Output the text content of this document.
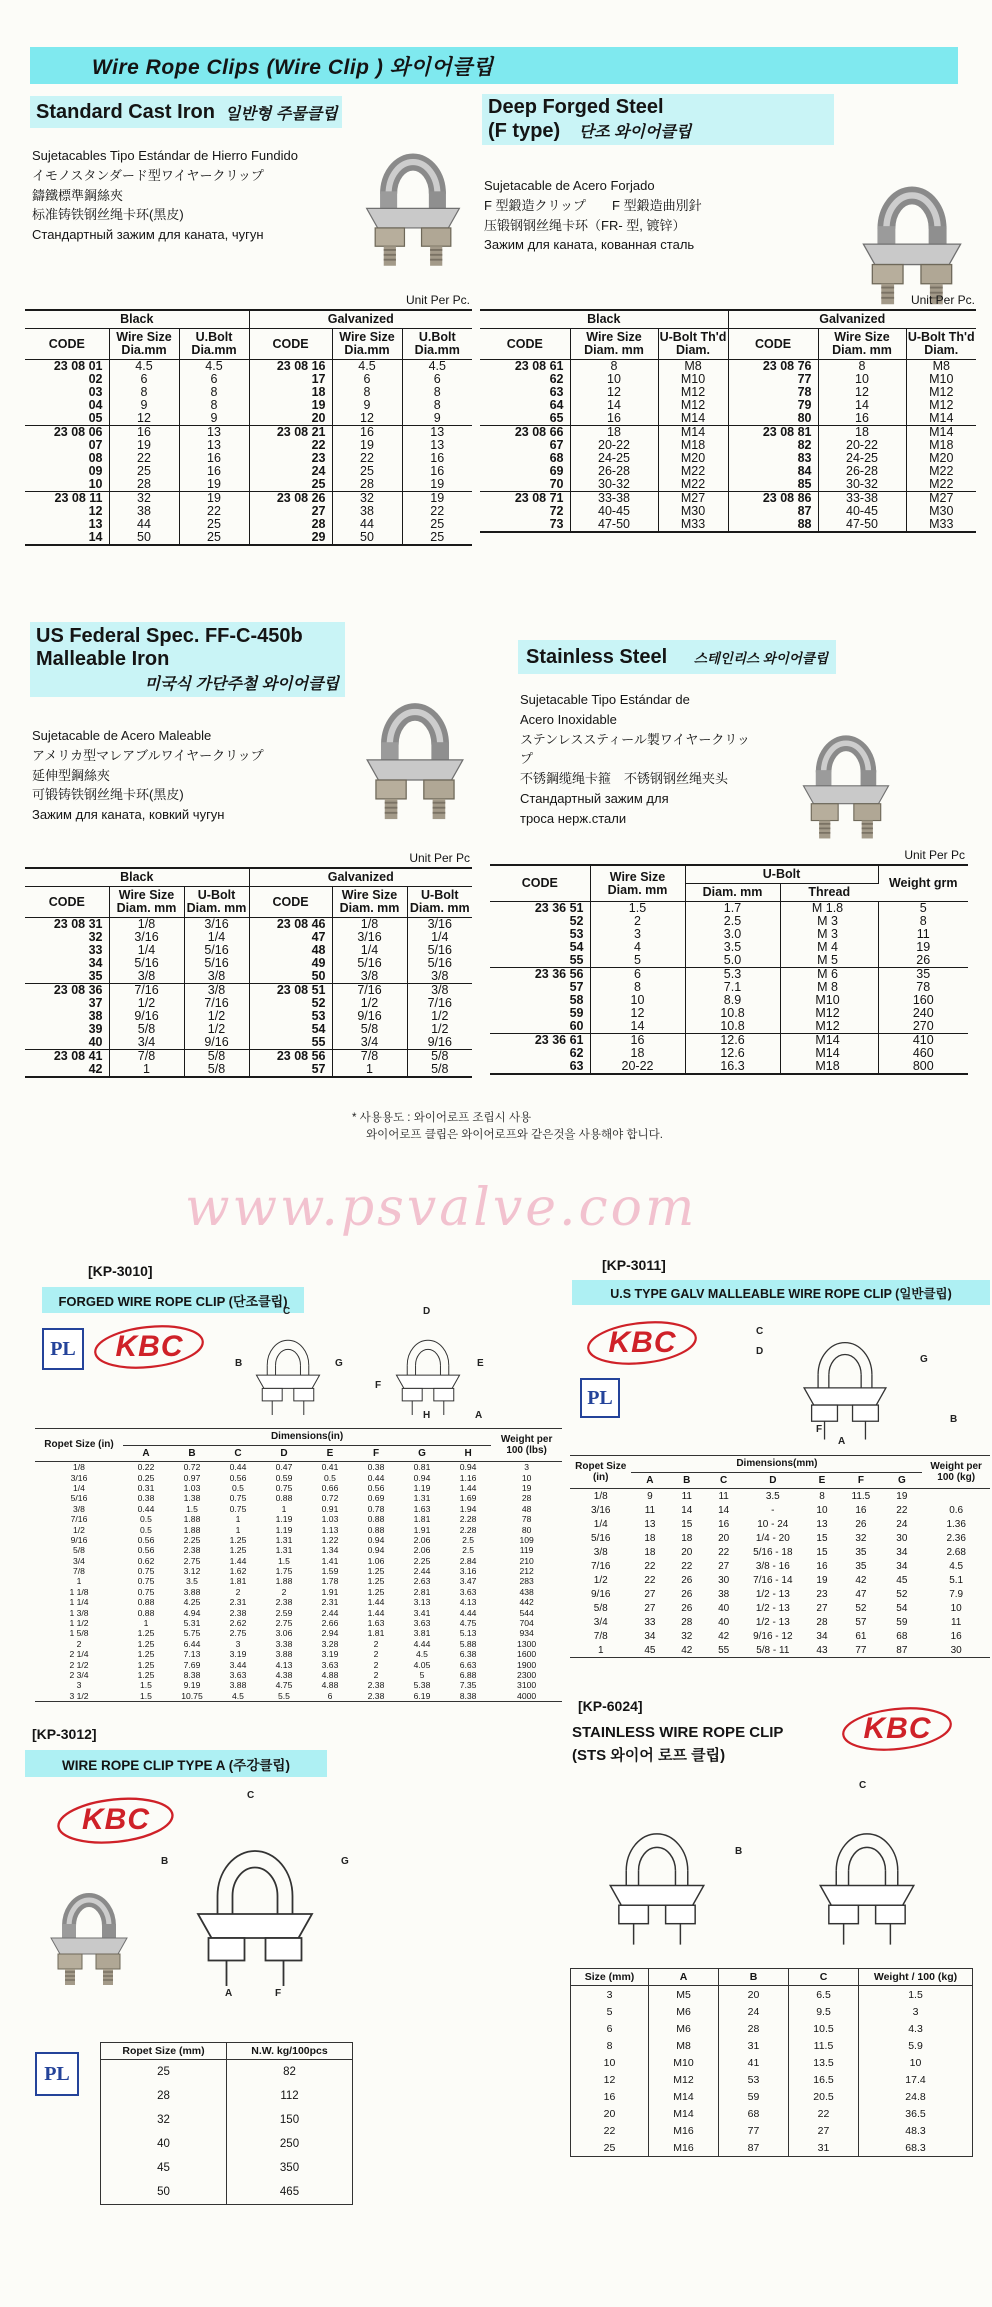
Wire Rope Clips (Wire Clip ) 와이어클립
Standard Cast Iron 일반형 주물클립
Sujetacables Tipo Estándar de Hierro Fundido
イモノスタンダード型ワイヤークリップ
鑄鐵標準鋼絲夾
标准铸铁钢丝绳卡环(黑皮)
Стандартный зажим для каната, чугун
Unit Per Pc.
Black			Galvanized		
CODE	Wire Size Dia.mm	U.Bolt Dia.mm	CODE	Wire Size Dia.mm	U.Bolt Dia.mm
23 08 01	4.5	4.5	23 08 16	4.5	4.5
02	6	6	17	6	6
03	8	8	18	8	8
04	9	8	19	9	8
05	12	9	20	12	9
23 08 06	16	13	23 08 21	16	13
07	19	13	22	19	13
08	22	16	23	22	16
09	25	16	24	25	16
10	28	19	25	28	19
23 08 11	32	19	23 08 26	32	19
12	38	22	27	38	22
13	44	25	28	44	25
14	50	25	29	50	25
Deep Forged Steel
(F type) 단조 와이어클립
Sujetacable de Acero Forjado
F 型鍛造クリップ　　F 型鍛造曲別針
压锻钢钢丝绳卡环（FR- 型, 镀锌）
Зажим для каната, кованная сталь
Unit Per Pc.
Black			Galvanized		
CODE	Wire Size Diam. mm	U-Bolt Th'd Diam.	CODE	Wire Size Diam. mm	U-Bolt Th'd Diam.
23 08 61	8	M8	23 08 76	8	M8
62	10	M10	77	10	M10
63	12	M12	78	12	M12
64	14	M12	79	14	M12
65	16	M14	80	16	M14
23 08 66	18	M14	23 08 81	18	M14
67	20-22	M18	82	20-22	M18
68	24-25	M20	83	24-25	M20
69	26-28	M22	84	26-28	M22
70	30-32	M22	85	30-32	M22
23 08 71	33-38	M27	23 08 86	33-38	M27
72	40-45	M30	87	40-45	M30
73	47-50	M33	88	47-50	M33
US Federal Spec. FF-C-450b
Malleable Iron
미국식 가단주철 와이어클립
Sujetacable de Acero Maleable
アメリカ型マレアブルワイヤークリップ
延伸型鋼絲夾
可锻铸铁钢丝绳卡环(黑皮)
Зажим для каната, ковкий чугун
Unit Per Pc
Black			Galvanized		
CODE	Wire Size Diam. mm	U-Bolt Diam. mm	CODE	Wire Size Diam. mm	U-Bolt Diam. mm
23 08 31	1/8	3/16	23 08 46	1/8	3/16
32	3/16	1/4	47	3/16	1/4
33	1/4	5/16	48	1/4	5/16
34	5/16	5/16	49	5/16	5/16
35	3/8	3/8	50	3/8	3/8
23 08 36	7/16	3/8	23 08 51	7/16	3/8
37	1/2	7/16	52	1/2	7/16
38	9/16	1/2	53	9/16	1/2
39	5/8	1/2	54	5/8	1/2
40	3/4	9/16	55	3/4	9/16
23 08 41	7/8	5/8	23 08 56	7/8	5/8
42	1	5/8	57	1	5/8
Stainless Steel 스테인리스 와이어클립
Sujetacable Tipo Estándar de
Acero Inoxidable
ステンレススティール製ワイヤークリップ
不锈鋼缆绳卡箍　不锈钢钢丝绳夹头
Стандартный зажим для
троса нерж.стали
Unit Per Pc
CODE	Wire Size Diam. mm	U-Bolt		Weight grm
		Diam. mm	Thread	
23 36 51	1.5	1.7	M 1.8	5
52	2	2.5	M 3	8
53	3	3.0	M 3	11
54	4	3.5	M 4	19
55	5	5.0	M 5	26
23 36 56	6	5.3	M 6	35
57	8	7.1	M 8	78
58	10	8.9	M10	160
59	12	10.8	M12	240
60	14	10.8	M12	270
23 36 61	16	12.6	M14	410
62	18	12.6	M14	460
63	20-22	16.3	M18	800
* 사용용도 : 와이어로프 조립시 사용
와이어로프 클립은 와이어로프와 같은것을 사용해야 합니다.
www.psvalve.com
[KP-3010]
FORGED WIRE ROPE CLIP (단조클립)
PL KBC
C
G
B
D
H	A
E
F
Ropet Size (in)	Dimensions(in)								Weight per 100 (lbs)
	A	B	C	D	E	F	G	H	
1/8	0.22	0.72	0.44	0.47	0.41	0.38	0.81	0.94	3
3/16	0.25	0.97	0.56	0.59	0.5	0.44	0.94	1.16	10
1/4	0.31	1.03	0.5	0.75	0.66	0.56	1.19	1.44	19
5/16	0.38	1.38	0.75	0.88	0.72	0.69	1.31	1.69	28
3/8	0.44	1.5	0.75	1	0.91	0.78	1.63	1.94	48
7/16	0.5	1.88	1	1.19	1.03	0.88	1.81	2.28	78
1/2	0.5	1.88	1	1.19	1.13	0.88	1.91	2.28	80
9/16	0.56	2.25	1.25	1.31	1.22	0.94	2.06	2.5	109
5/8	0.56	2.38	1.25	1.31	1.34	0.94	2.06	2.5	119
3/4	0.62	2.75	1.44	1.5	1.41	1.06	2.25	2.84	210
7/8	0.75	3.12	1.62	1.75	1.59	1.25	2.44	3.16	212
1	0.75	3.5	1.81	1.88	1.78	1.25	2.63	3.47	283
1 1/8	0.75	3.88	2	2	1.91	1.25	2.81	3.63	438
1 1/4	0.88	4.25	2.31	2.38	2.31	1.44	3.13	4.13	442
1 3/8	0.88	4.94	2.38	2.59	2.44	1.44	3.41	4.44	544
1 1/2	1	5.31	2.62	2.75	2.66	1.63	3.63	4.75	704
1 5/8	1.25	5.75	2.75	3.06	2.94	1.81	3.81	5.13	934
2	1.25	6.44	3	3.38	3.28	2	4.44	5.88	1300
2 1/4	1.25	7.13	3.19	3.88	3.19	2	4.5	6.38	1600
2 1/2	1.25	7.69	3.44	4.13	3.63	2	4.05	6.63	1900
2 3/4	1.25	8.38	3.63	4.38	4.88	2	5	6.88	2300
3	1.5	9.19	3.88	4.75	4.88	2.38	5.38	7.35	3100
3 1/2	1.5	10.75	4.5	5.5	6	2.38	6.19	8.38	4000
[KP-3011]
U.S TYPE GALV MALLEABLE WIRE ROPE CLIP (일반클립)
KBC
PL
G
A
F
B
C
D
Ropet Size (in)	Dimensions(mm)							Weight per 100 (kg)
	A	B	C	D	E	F	G	
1/8	9	11	11	3.5	8	11.5	19	
3/16	11	14	14	-	10	16	22	0.6
1/4	13	15	16	10 - 24	13	26	24	1.36
5/16	18	18	20	1/4 - 20	15	32	30	2.36
3/8	18	20	22	5/16 - 18	15	35	34	2.68
7/16	22	22	27	3/8 - 16	16	35	34	4.5
1/2	22	26	30	7/16 - 14	19	42	45	5.1
9/16	27	26	38	1/2 - 13	23	47	52	7.9
5/8	27	26	40	1/2 - 13	27	52	54	10
3/4	33	28	40	1/2 - 13	28	57	59	11
7/8	34	32	42	9/16 - 12	34	61	68	16
1	45	42	55	5/8 - 11	43	77	87	30
[KP-6024]
STAINLESS WIRE ROPE CLIP
(STS 와이어 로프 클립)
KBC
B
C
Size (mm)	A	B	C	Weight / 100 (kg)
3	M5	20	6.5	1.5
5	M6	24	9.5	3
6	M6	28	10.5	4.3
8	M8	31	11.5	5.9
10	M10	41	13.5	10
12	M12	53	16.5	17.4
16	M14	59	20.5	24.8
20	M14	68	22	36.5
22	M16	77	27	48.3
25	M16	87	31	68.3
[KP-3012]
WIRE ROPE CLIP TYPE A (주강클립)
KBC
G
B
C
A	F
PL
Ropet Size (mm)	N.W. kg/100pcs
25	82
28	112
32	150
40	250
45	350
50	465
